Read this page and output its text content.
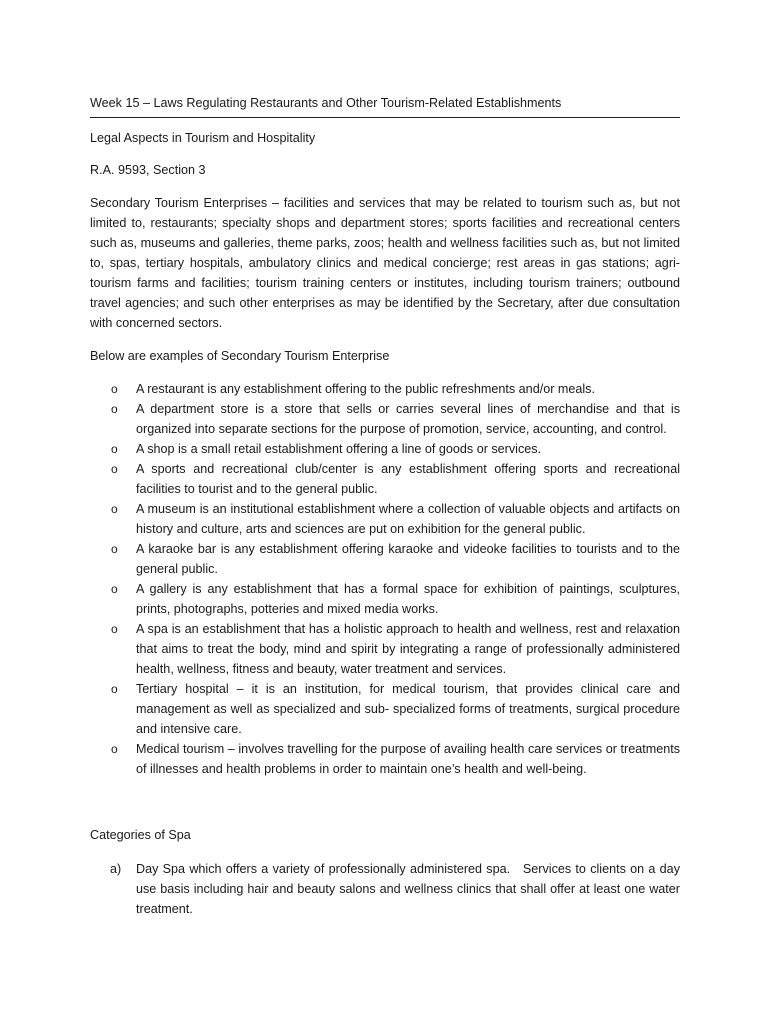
Week 15 – Laws Regulating Restaurants and Other Tourism-Related Establishments

Legal Aspects in Tourism and Hospitality

R.A. 9593, Section 3

Secondary Tourism Enterprises – facilities and services that may be related to tourism such as, but not limited to, restaurants; specialty shops and department stores; sports facilities and recreational centers such as, museums and galleries, theme parks, zoos; health and wellness facilities such as, but not limited to, spas, tertiary hospitals, ambulatory clinics and medical concierge; rest areas in gas stations; agri-tourism farms and facilities; tourism training centers or institutes, including tourism trainers; outbound travel agencies; and such other enterprises as may be identified by the Secretary, after due consultation with concerned sectors.

Below are examples of Secondary Tourism Enterprise

o A restaurant is any establishment offering to the public refreshments and/or meals.
o A department store is a store that sells or carries several lines of merchandise and that is organized into separate sections for the purpose of promotion, service, accounting, and control.
o A shop is a small retail establishment offering a line of goods or services.
o A sports and recreational club/center is any establishment offering sports and recreational facilities to tourist and to the general public.
o A museum is an institutional establishment where a collection of valuable objects and artifacts on history and culture, arts and sciences are put on exhibition for the general public.
o A karaoke bar is any establishment offering karaoke and videoke facilities to tourists and to the general public.
o A gallery is any establishment that has a formal space for exhibition of paintings, sculptures, prints, photographs, potteries and mixed media works.
o A spa is an establishment that has a holistic approach to health and wellness, rest and relaxation that aims to treat the body, mind and spirit by integrating a range of professionally administered health, wellness, fitness and beauty, water treatment and services.
o Tertiary hospital – it is an institution, for medical tourism, that provides clinical care and management as well as specialized and sub- specialized forms of treatments, surgical procedure and intensive care.
o Medical tourism – involves travelling for the purpose of availing health care services or treatments of illnesses and health problems in order to maintain one’s health and well-being.

Categories of Spa

a) Day Spa which offers a variety of professionally administered spa.   Services to clients on a day use basis including hair and beauty salons and wellness clinics that shall offer at least one water treatment.
